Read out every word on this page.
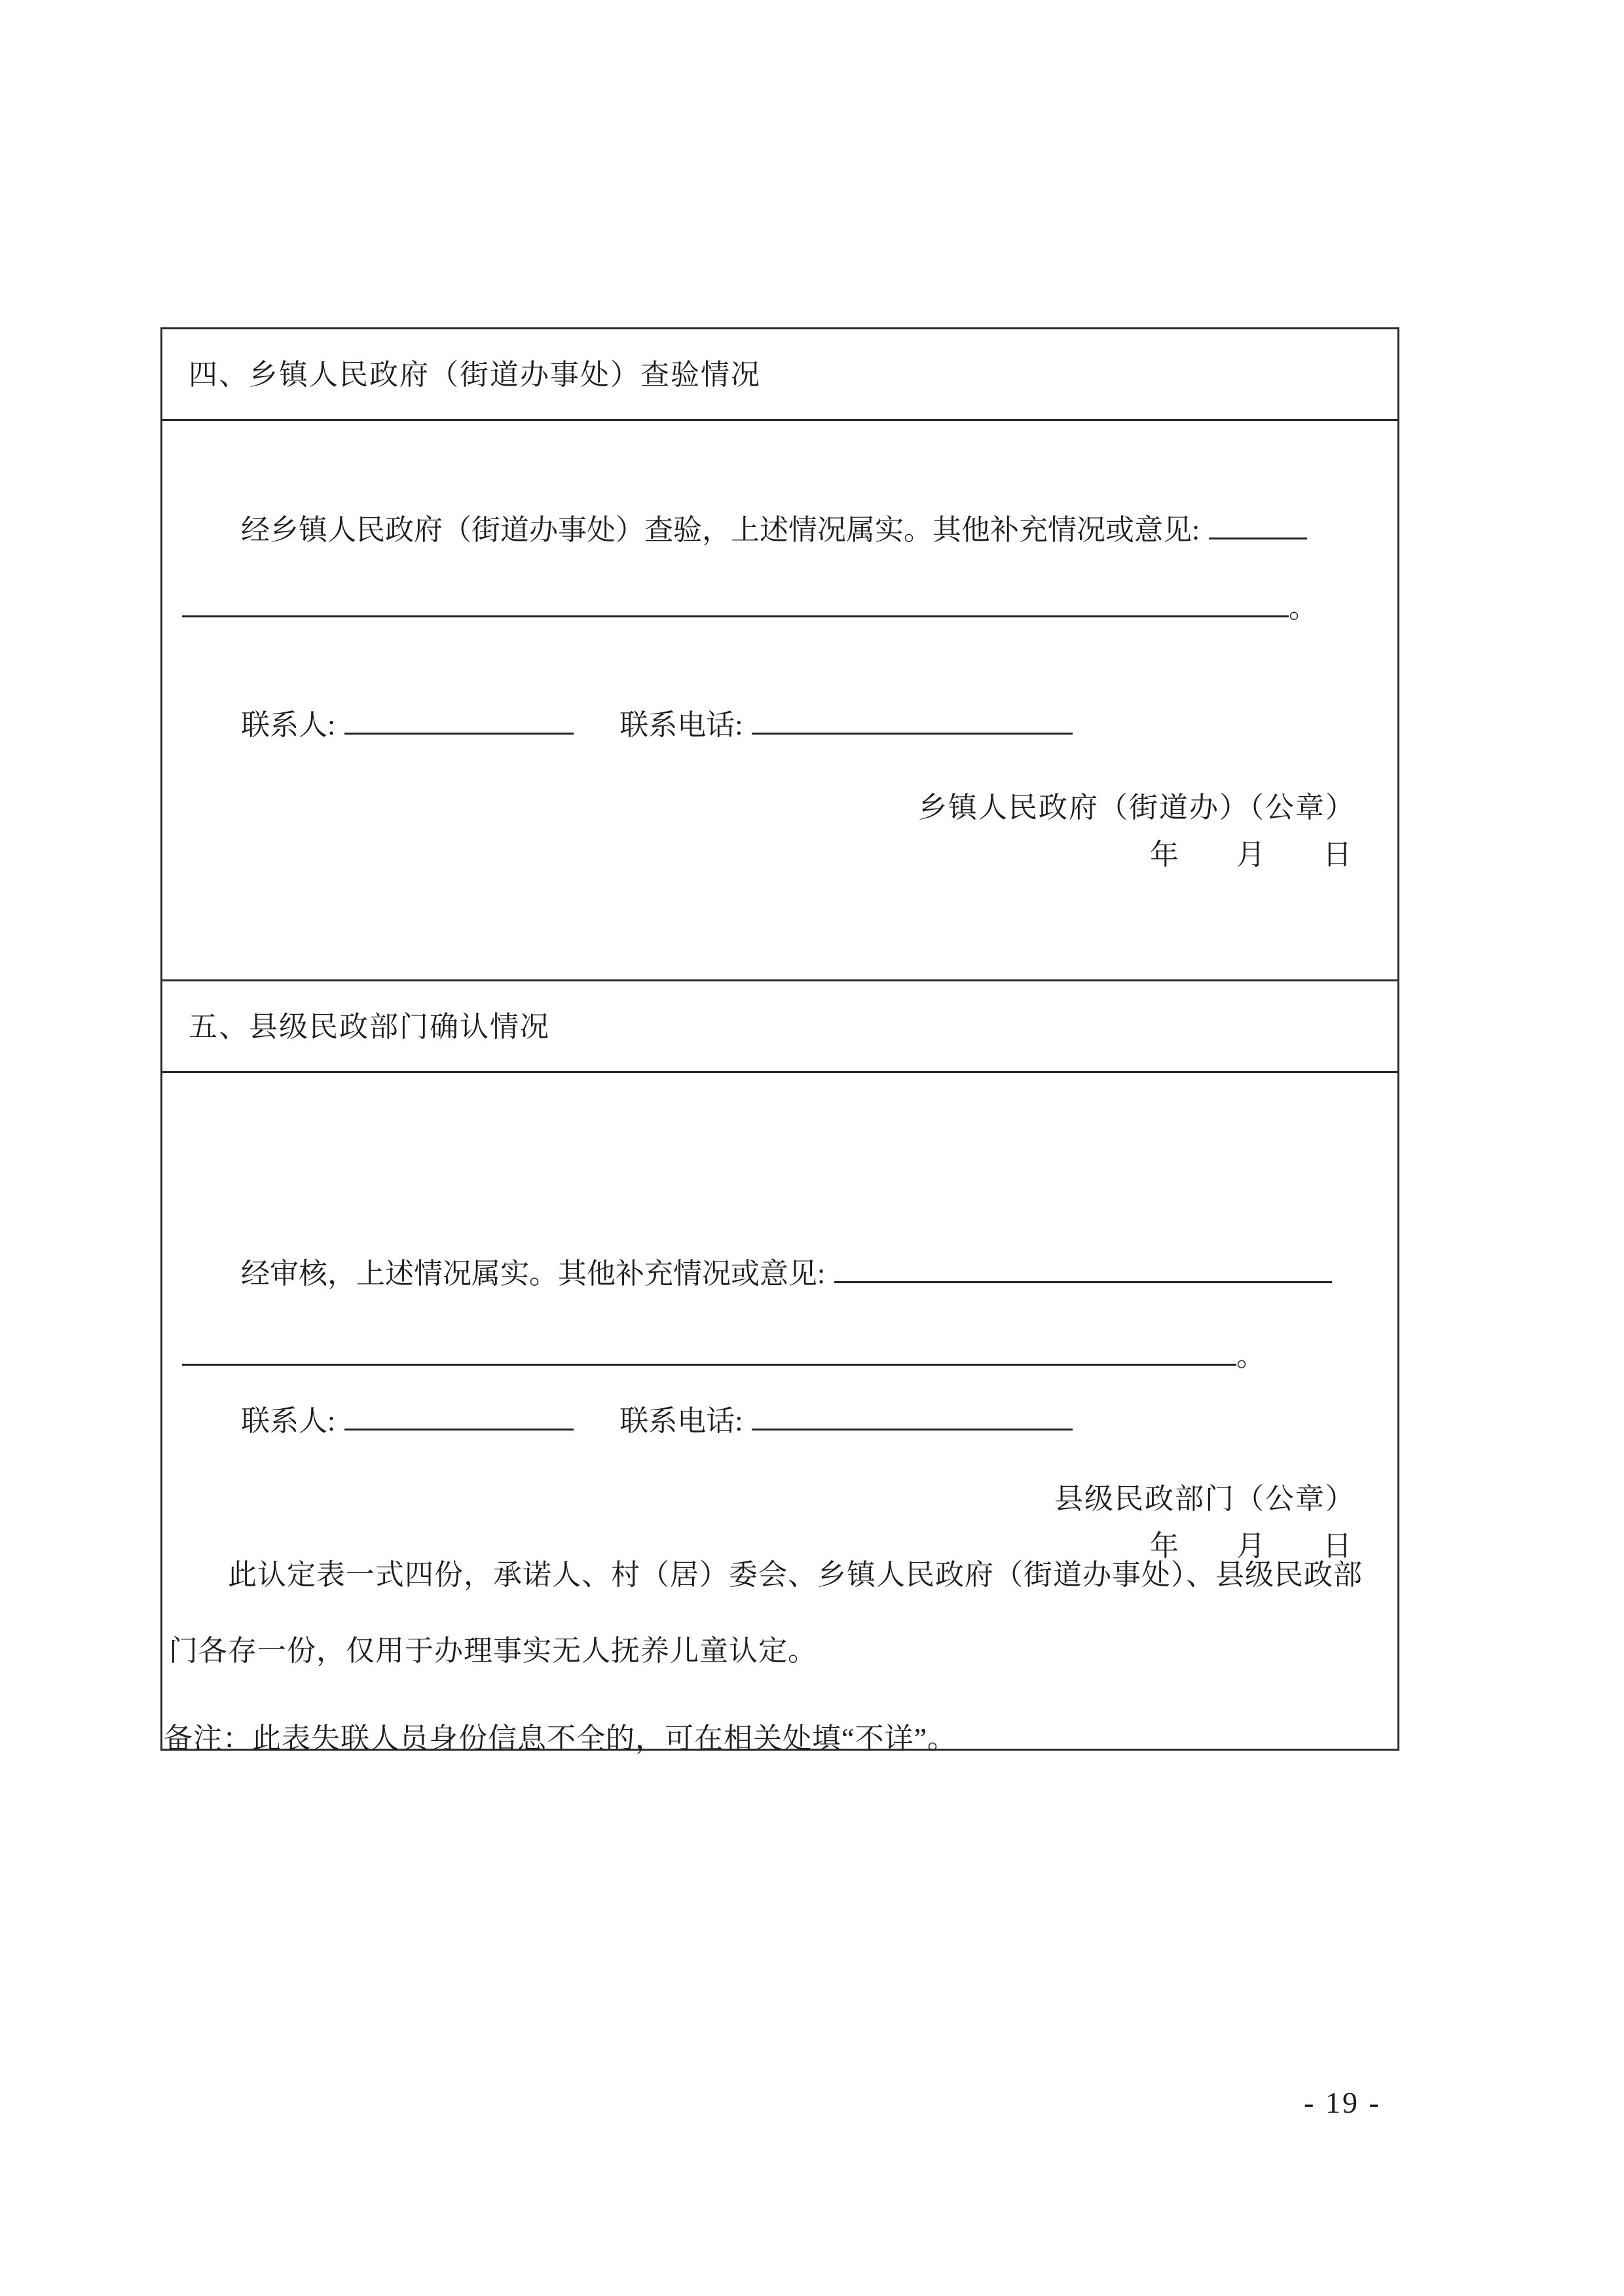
四、乡镇人民政府（街道办事处）查验情况
经乡镇人民政府（街道办事处）查验，上述情况属实。其他补充情况或意见:
。
联系人:	联系电话:
乡镇人民政府（街道办）（公章）
年　　月　　日
五、县级民政部门确认情况
经审核，上述情况属实。其他补充情况或意见:
。
联系人:	联系电话:
县级民政部门（公章）
年　　月　　日

此认定表一式四份，承诺人、村（居）委会、乡镇人民政府（街道办事处）、县级民政部门各存一份，仅用于办理事实无人抚养儿童认定。

备注：此表失联人员身份信息不全的，可在相关处填“不详”。

- 19 -
